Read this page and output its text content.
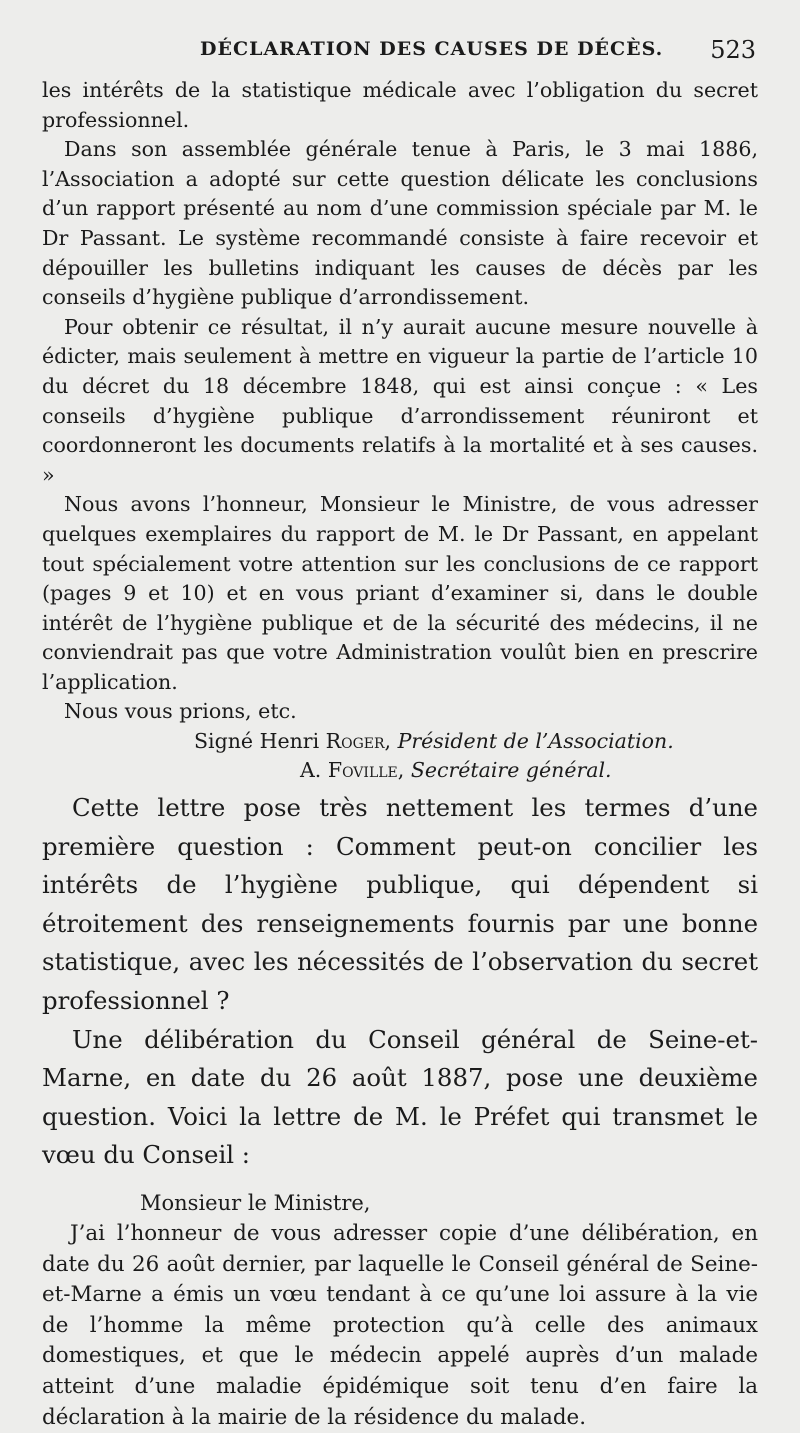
DÉCLARATION DES CAUSES DE DÉCÈS. 523

les intérêts de la statistique médicale avec l’obligation du secret professionnel.

Dans son assemblée générale tenue à Paris, le 3 mai 1886, l’Association a adopté sur cette question délicate les conclusions d’un rapport présenté au nom d’une commission spéciale par M. le Dr Passant. Le système recommandé consiste à faire recevoir et dépouiller les bulletins indiquant les causes de décès par les conseils d’hygiène publique d’arrondissement.

Pour obtenir ce résultat, il n’y aurait aucune mesure nouvelle à édicter, mais seulement à mettre en vigueur la partie de l’article 10 du décret du 18 décembre 1848, qui est ainsi conçue : « Les conseils d’hygiène publique d’arrondissement réuniront et coordonneront les documents relatifs à la mortalité et à ses causes. »

Nous avons l’honneur, Monsieur le Ministre, de vous adresser quelques exemplaires du rapport de M. le Dr Passant, en appelant tout spécialement votre attention sur les conclusions de ce rapport (pages 9 et 10) et en vous priant d’examiner si, dans le double intérêt de l’hygiène publique et de la sécurité des médecins, il ne conviendrait pas que votre Administration voulût bien en prescrire l’application.

Nous vous prions, etc.

Signé Henri Roger, Président de l’Association.
A. Foville, Secrétaire général.

Cette lettre pose très nettement les termes d’une première question : Comment peut-on concilier les intérêts de l’hygiène publique, qui dépendent si étroitement des renseignements fournis par une bonne statistique, avec les nécessités de l’observation du secret professionnel ?

Une délibération du Conseil général de Seine-et-Marne, en date du 26 août 1887, pose une deuxième question. Voici la lettre de M. le Préfet qui transmet le vœu du Conseil :

Monsieur le Ministre,

J’ai l’honneur de vous adresser copie d’une délibération, en date du 26 août dernier, par laquelle le Conseil général de Seine-et-Marne a émis un vœu tendant à ce qu’une loi assure à la vie de l’homme la même protection qu’à celle des animaux domestiques, et que le médecin appelé auprès d’un malade atteint d’une maladie épidémique soit tenu d’en faire la déclaration à la mairie de la résidence du malade.
